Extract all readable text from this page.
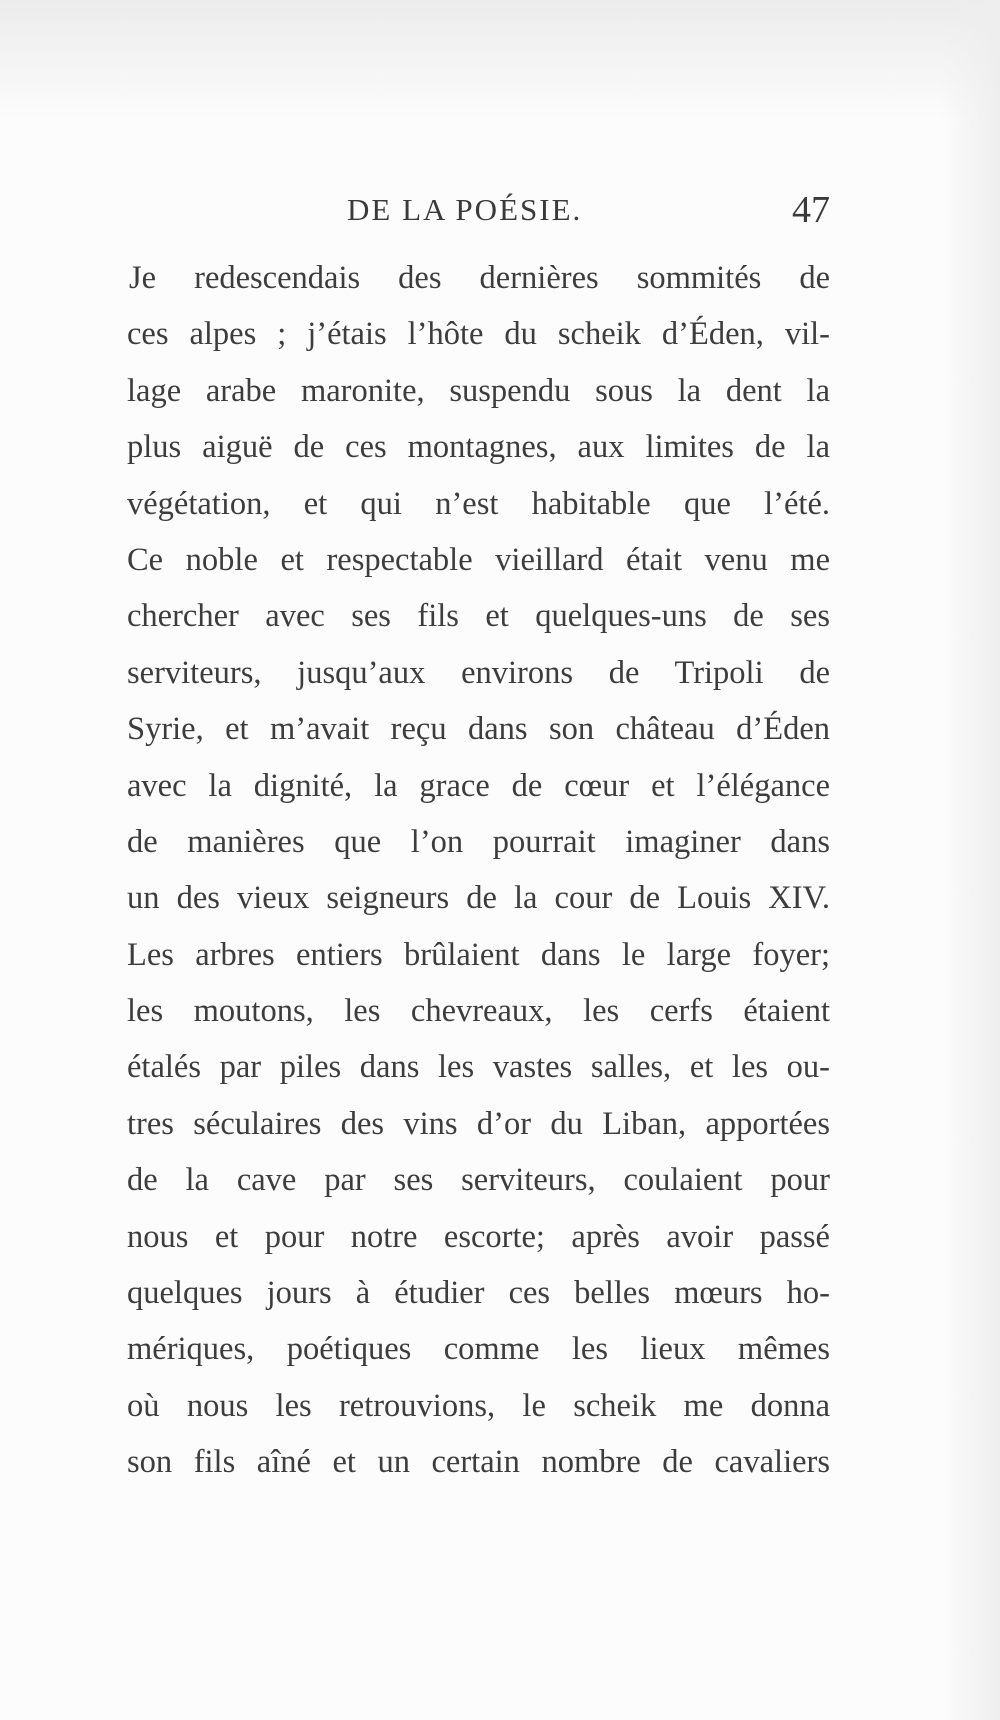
DE LA POÉSIE.	47
Je redescendais des dernières sommités de
ces alpes ; j’étais l’hôte du scheik d’Éden, vil-
lage arabe maronite, suspendu sous la dent la
plus aiguë de ces montagnes, aux limites de la
végétation, et qui n’est habitable que l’été.
Ce noble et respectable vieillard était venu me
chercher avec ses fils et quelques-uns de ses
serviteurs, jusqu’aux environs de Tripoli de
Syrie, et m’avait reçu dans son château d’Éden
avec la dignité, la grace de cœur et l’élégance
de manières que l’on pourrait imaginer dans
un des vieux seigneurs de la cour de Louis XIV.
Les arbres entiers brûlaient dans le large foyer;
les moutons, les chevreaux, les cerfs étaient
étalés par piles dans les vastes salles, et les ou-
tres séculaires des vins d’or du Liban, apportées
de la cave par ses serviteurs, coulaient pour
nous et pour notre escorte; après avoir passé
quelques jours à étudier ces belles mœurs ho-
mériques, poétiques comme les lieux mêmes
où nous les retrouvions, le scheik me donna
son fils aîné et un certain nombre de cavaliers
